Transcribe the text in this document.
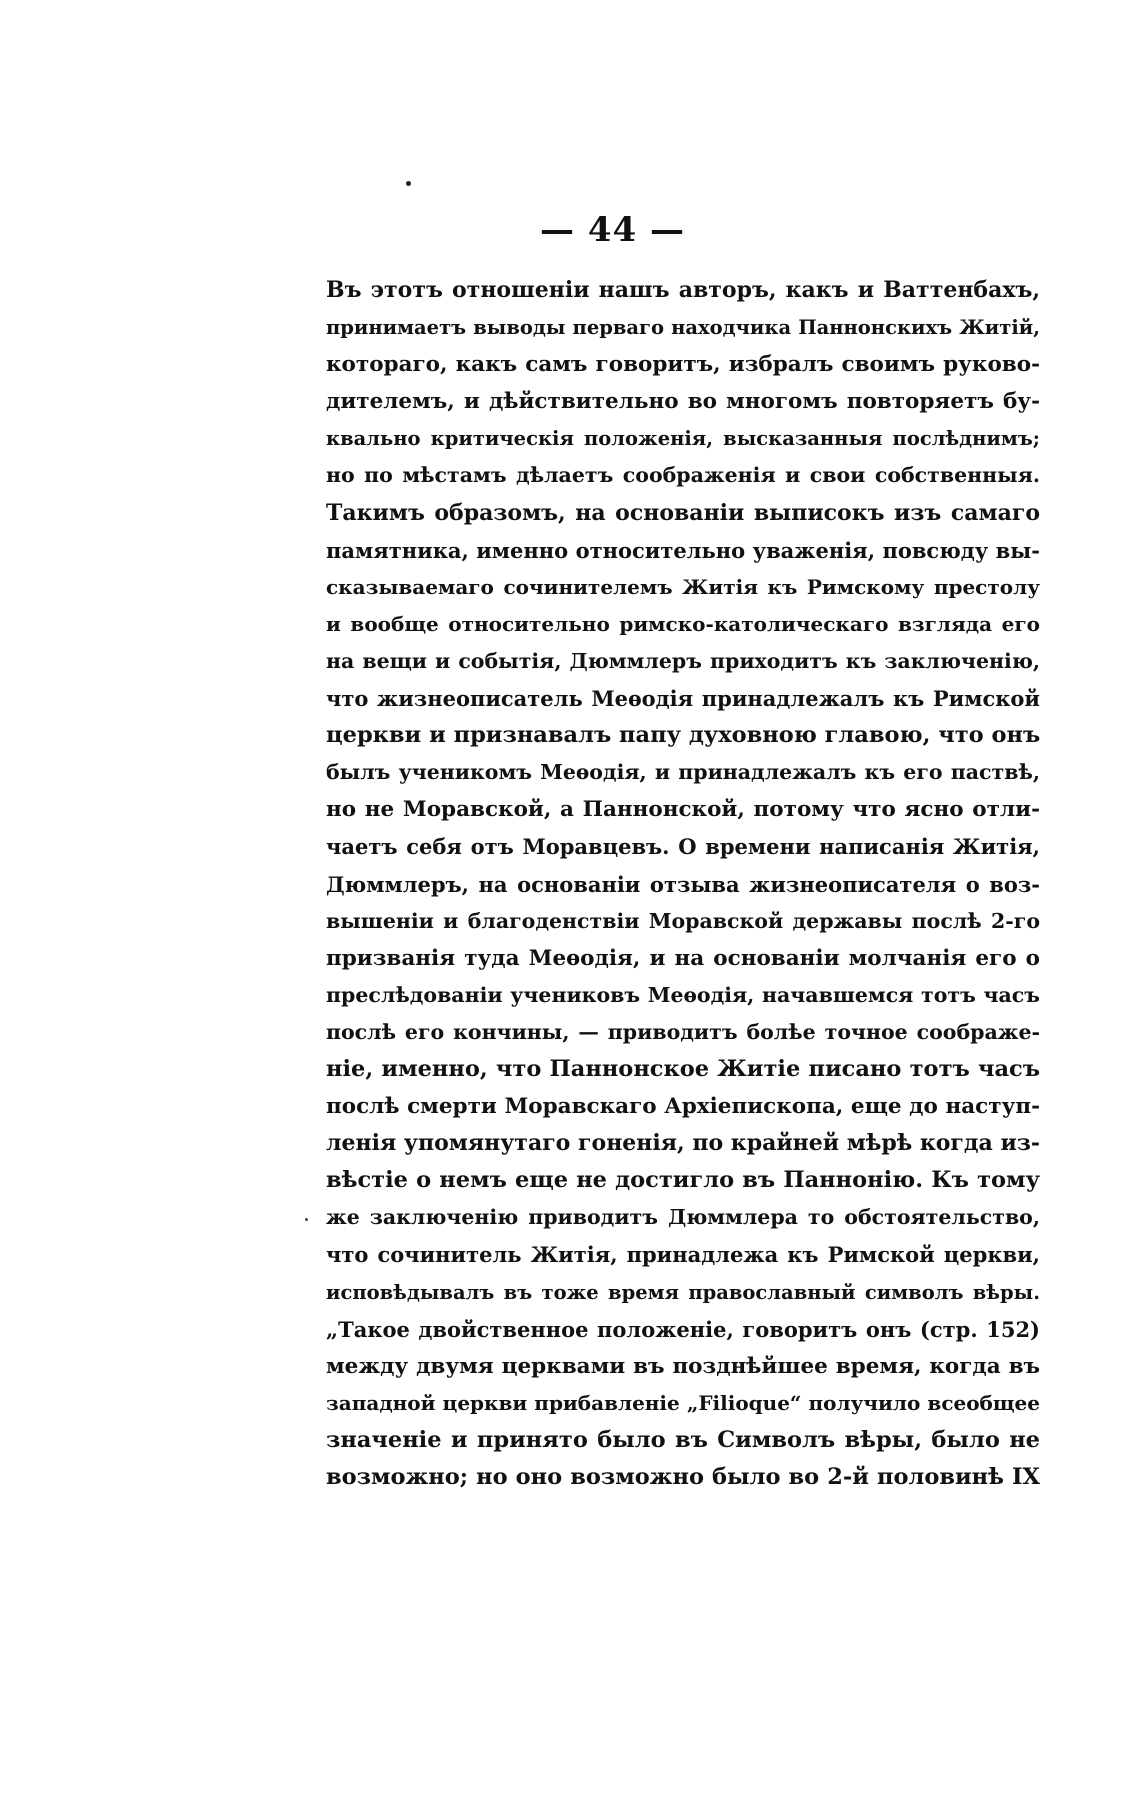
— 44 —
Въ этотъ отношеніи нашъ авторъ, какъ и Ваттенбахъ,
принимаетъ выводы перваго находчика Паннонскихъ Житій,
котораго, какъ самъ говоритъ, избралъ своимъ руково-
дителемъ, и дѣйствительно во многомъ повторяетъ бу-
квально критическія положенія, высказанныя послѣднимъ;
но по мѣстамъ дѣлаетъ соображенія и свои собственныя.
Такимъ образомъ, на основаніи выписокъ изъ самаго
памятника, именно относительно уваженія, повсюду вы-
сказываемаго сочинителемъ Житія къ Римскому престолу
и вообще относительно римско-католическаго взгляда его
на вещи и событія, Дюммлеръ приходитъ къ заключенію,
что жизнеописатель Меѳодія принадлежалъ къ Римской
церкви и признавалъ папу духовною главою, что онъ
былъ ученикомъ Меѳодія, и принадлежалъ къ его паствѣ,
но не Моравской, а Паннонской, потому что ясно отли-
чаетъ себя отъ Моравцевъ. О времени написанія Житія,
Дюммлеръ, на основаніи отзыва жизнеописателя о воз-
вышеніи и благоденствіи Моравской державы послѣ 2-го
призванія туда Меѳодія, и на основаніи молчанія его о
преслѣдованіи учениковъ Меѳодія, начавшемся тотъ часъ
послѣ его кончины, — приводитъ болѣе точное соображе-
ніе, именно, что Паннонское Житіе писано тотъ часъ
послѣ смерти Моравскаго Архіепископа, еще до наступ-
ленія упомянутаго гоненія, по крайней мѣрѣ когда из-
вѣстіе о немъ еще не достигло въ Паннонію. Къ тому
же заключенію приводитъ Дюммлера то обстоятельство,
что сочинитель Житія, принадлежа къ Римской церкви,
исповѣдывалъ въ тоже время православный символъ вѣры.
„Такое двойственное положеніе, говоритъ онъ (стр. 152)
между двумя церквами въ позднѣйшее время, когда въ
западной церкви прибавленіе „Filioque“ получило всеобщее
значеніе и принято было въ Символъ вѣры, было не
возможно; но оно возможно было во 2-й половинѣ IX
